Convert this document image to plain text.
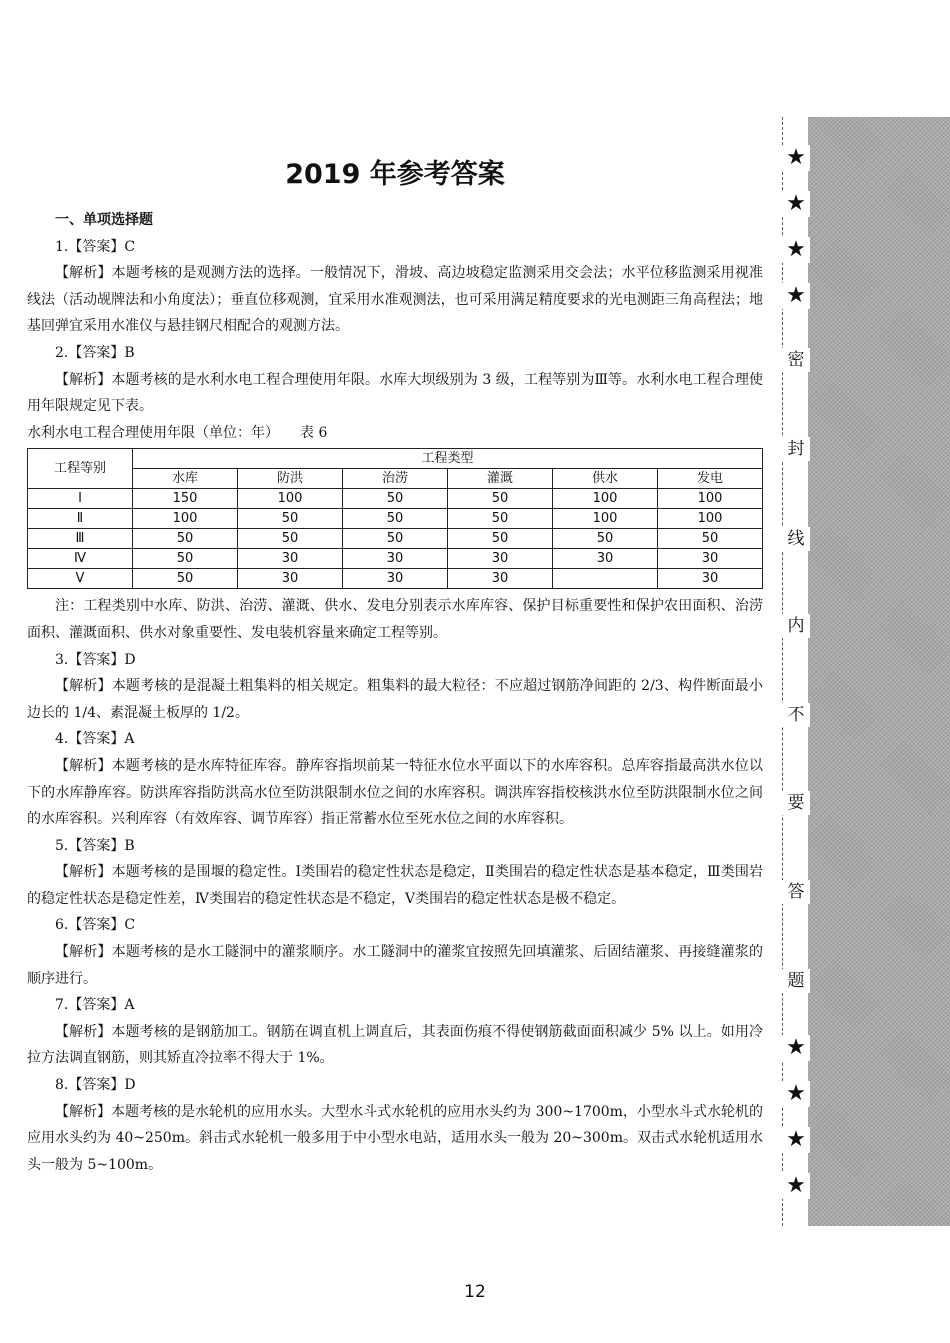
★
★
★
★
密
封
线
内
不
要
答
题
★
★
★
★
2019 年参考答案

一、单项选择题

1.【答案】C

【解析】本题考核的是观测方法的选择。一般情况下，滑坡、高边坡稳定监测采用交会法；水平位移监测采用视准线法（活动觇牌法和小角度法）；垂直位移观测，宜采用水准观测法，也可采用满足精度要求的光电测距三角高程法；地基回弹宜采用水准仪与悬挂钢尺相配合的观测方法。

2.【答案】B

【解析】本题考核的是水利水电工程合理使用年限。水库大坝级别为 3 级，工程等别为Ⅲ等。水利水电工程合理使用年限规定见下表。

水利水电工程合理使用年限（单位：年）　　表 6

工程等别	工程类型					
	水库	防洪	治涝	灌溉	供水	发电
Ⅰ	150	100	50	50	100	100
Ⅱ	100	50	50	50	100	100
Ⅲ	50	50	50	50	50	50
Ⅳ	50	30	30	30	30	30
Ⅴ	50	30	30	30		30

注：工程类别中水库、防洪、治涝、灌溉、供水、发电分别表示水库库容、保护目标重要性和保护农田面积、治涝面积、灌溉面积、供水对象重要性、发电装机容量来确定工程等别。

3.【答案】D

【解析】本题考核的是混凝土粗集料的相关规定。粗集料的最大粒径：不应超过钢筋净间距的 2/3、构件断面最小边长的 1/4、素混凝土板厚的 1/2。

4.【答案】A

【解析】本题考核的是水库特征库容。静库容指坝前某一特征水位水平面以下的水库容积。总库容指最高洪水位以下的水库静库容。防洪库容指防洪高水位至防洪限制水位之间的水库容积。调洪库容指校核洪水位至防洪限制水位之间的水库容积。兴利库容（有效库容、调节库容）指正常蓄水位至死水位之间的水库容积。

5.【答案】B

【解析】本题考核的是围堰的稳定性。Ⅰ类围岩的稳定性状态是稳定，Ⅱ类围岩的稳定性状态是基本稳定，Ⅲ类围岩的稳定性状态是稳定性差，Ⅳ类围岩的稳定性状态是不稳定，Ⅴ类围岩的稳定性状态是极不稳定。

6.【答案】C

【解析】本题考核的是水工隧洞中的灌浆顺序。水工隧洞中的灌浆宜按照先回填灌浆、后固结灌浆、再接缝灌浆的顺序进行。

7.【答案】A

【解析】本题考核的是钢筋加工。钢筋在调直机上调直后，其表面伤痕不得使钢筋截面面积减少 5% 以上。如用冷拉方法调直钢筋，则其矫直冷拉率不得大于 1%。

8.【答案】D

【解析】本题考核的是水轮机的应用水头。大型水斗式水轮机的应用水头约为 300~1700m，小型水斗式水轮机的应用水头约为 40~250m。斜击式水轮机一般多用于中小型水电站，适用水头一般为 20~300m。双击式水轮机适用水头一般为 5~100m。

12
